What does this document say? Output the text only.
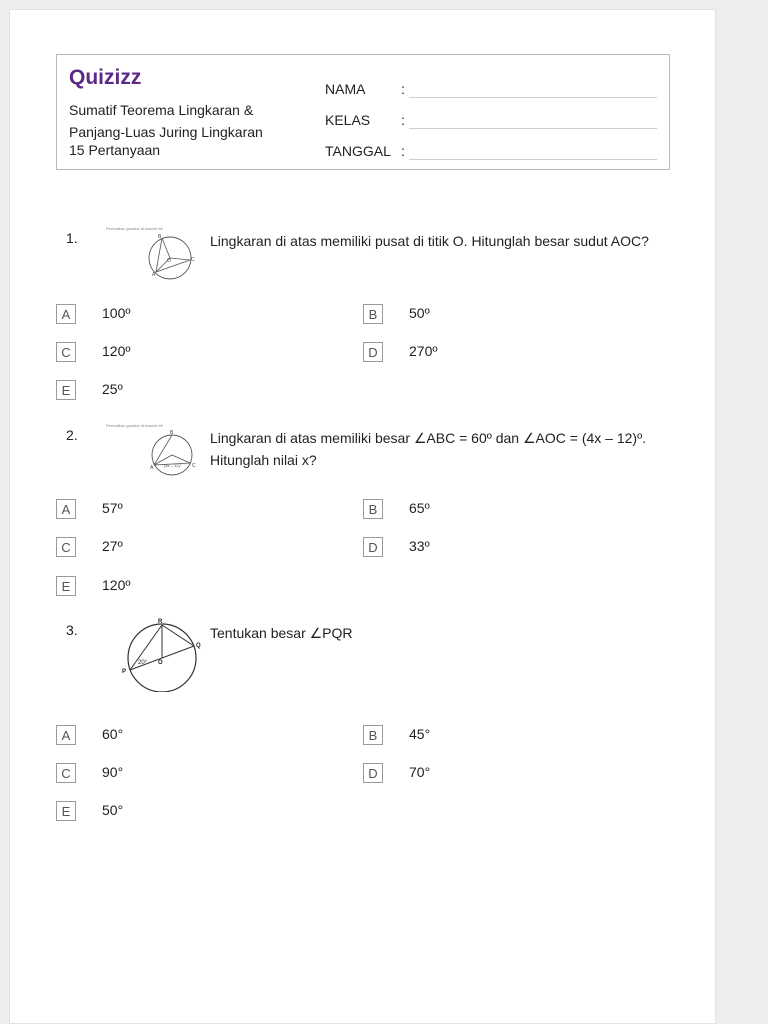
Quizizz
Sumatif Teorema Lingkaran & Panjang-Luas Juring Lingkaran
15 Pertanyaan
NAMA	:
KELAS :
TANGGAL :
1.
Perhatikan gambar di bawah ini!
B
O	C
A
Lingkaran di atas memiliki pusat di titik O. Hitunglah besar sudut AOC?
A	100º	B	50º
C	120º	D	270º
E	25º
2.
Perhatikan gambar di bawah ini!
B
A	C
(4x – 12)°
Lingkaran di atas memiliki besar ∠ABC = 60º dan ∠AOC = (4x – 12)º. Hitunglah nilai x?
A	57º	B	65º
C	27º	D	33º
E	120º
3.	R
Q
P
O
20°
Tentukan besar ∠PQR
A	60°	B	45°
C	90°	D	70°
E	50°
